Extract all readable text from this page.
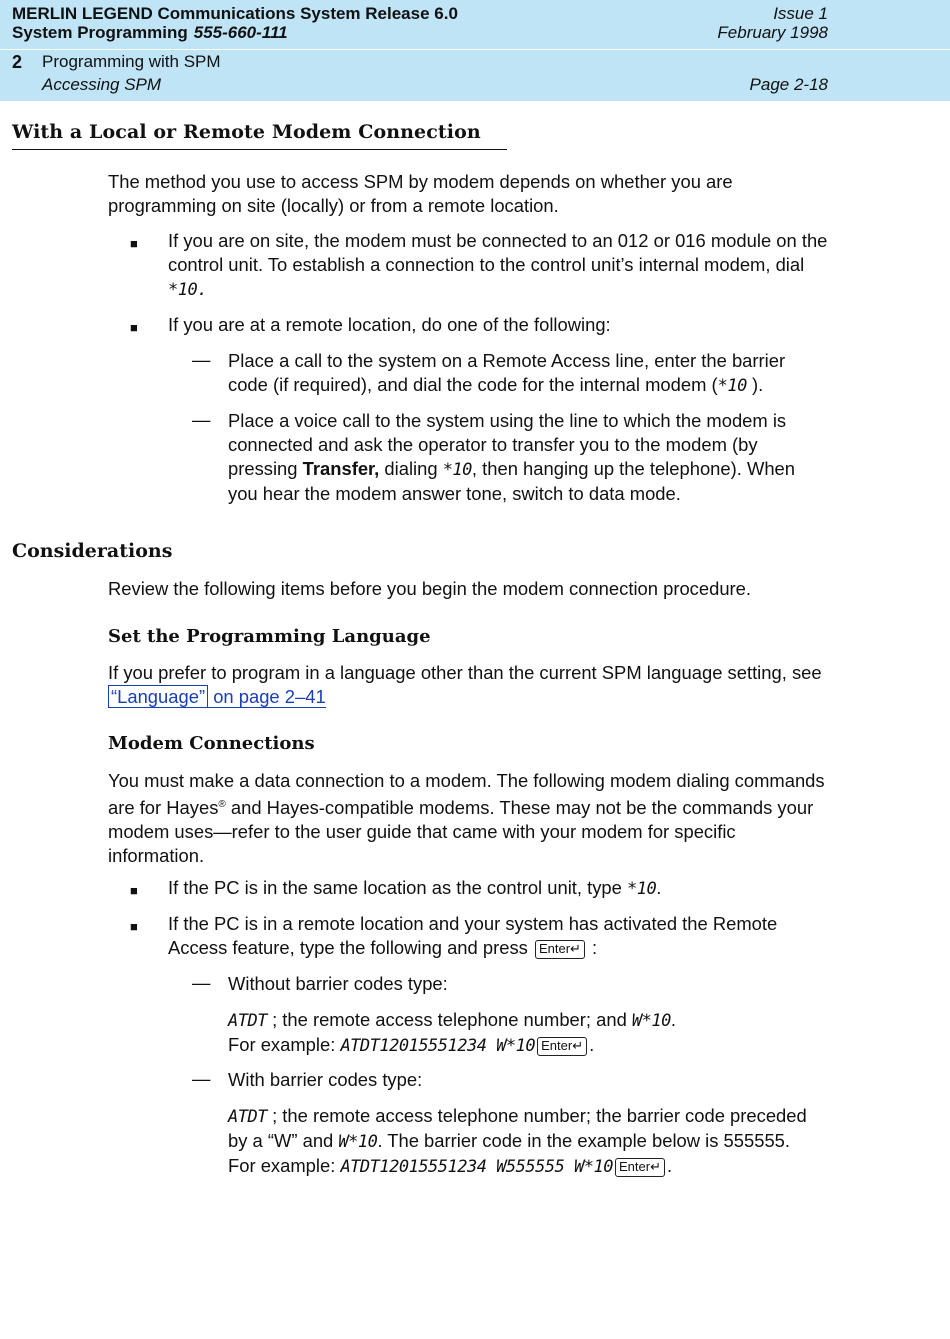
MERLIN LEGEND Communications System Release 6.0
System Programming 555-660-111
Issue 1
February 1998
2 Programming with SPM
Accessing SPM	Page 2-18
With a Local or Remote Modem Connection
The method you use to access SPM by modem depends on whether you are programming on site (locally) or from a remote location.
■ If you are on site, the modem must be connected to an 012 or 016 module on the control unit. To establish a connection to the control unit’s internal modem, dial *10.
■ If you are at a remote location, do one of the following:
— Place a call to the system on a Remote Access line, enter the barrier code (if required), and dial the code for the internal modem (*10 ).
— Place a voice call to the system using the line to which the modem is connected and ask the operator to transfer you to the modem (by pressing Transfer, dialing *10, then hanging up the telephone). When you hear the modem answer tone, switch to data mode.
Considerations
Review the following items before you begin the modem connection procedure.
Set the Programming Language
If you prefer to program in a language other than the current SPM language setting, see “Language” on page 2–41
Modem Connections
You must make a data connection to a modem. The following modem dialing commands are for Hayes® and Hayes-compatible modems. These may not be the commands your modem uses—refer to the user guide that came with your modem for specific information.
■ If the PC is in the same location as the control unit, type *10.
■ If the PC is in a remote location and your system has activated the Remote Access feature, type the following and press Enter↵ :
— Without barrier codes type:
ATDT ; the remote access telephone number; and W*10.
For example: ATDT12015551234 W*10 Enter↵ .
— With barrier codes type:
ATDT ; the remote access telephone number; the barrier code preceded by a “W” and W*10. The barrier code in the example below is 555555.
For example: ATDT12015551234 W555555 W*10 Enter↵ .
